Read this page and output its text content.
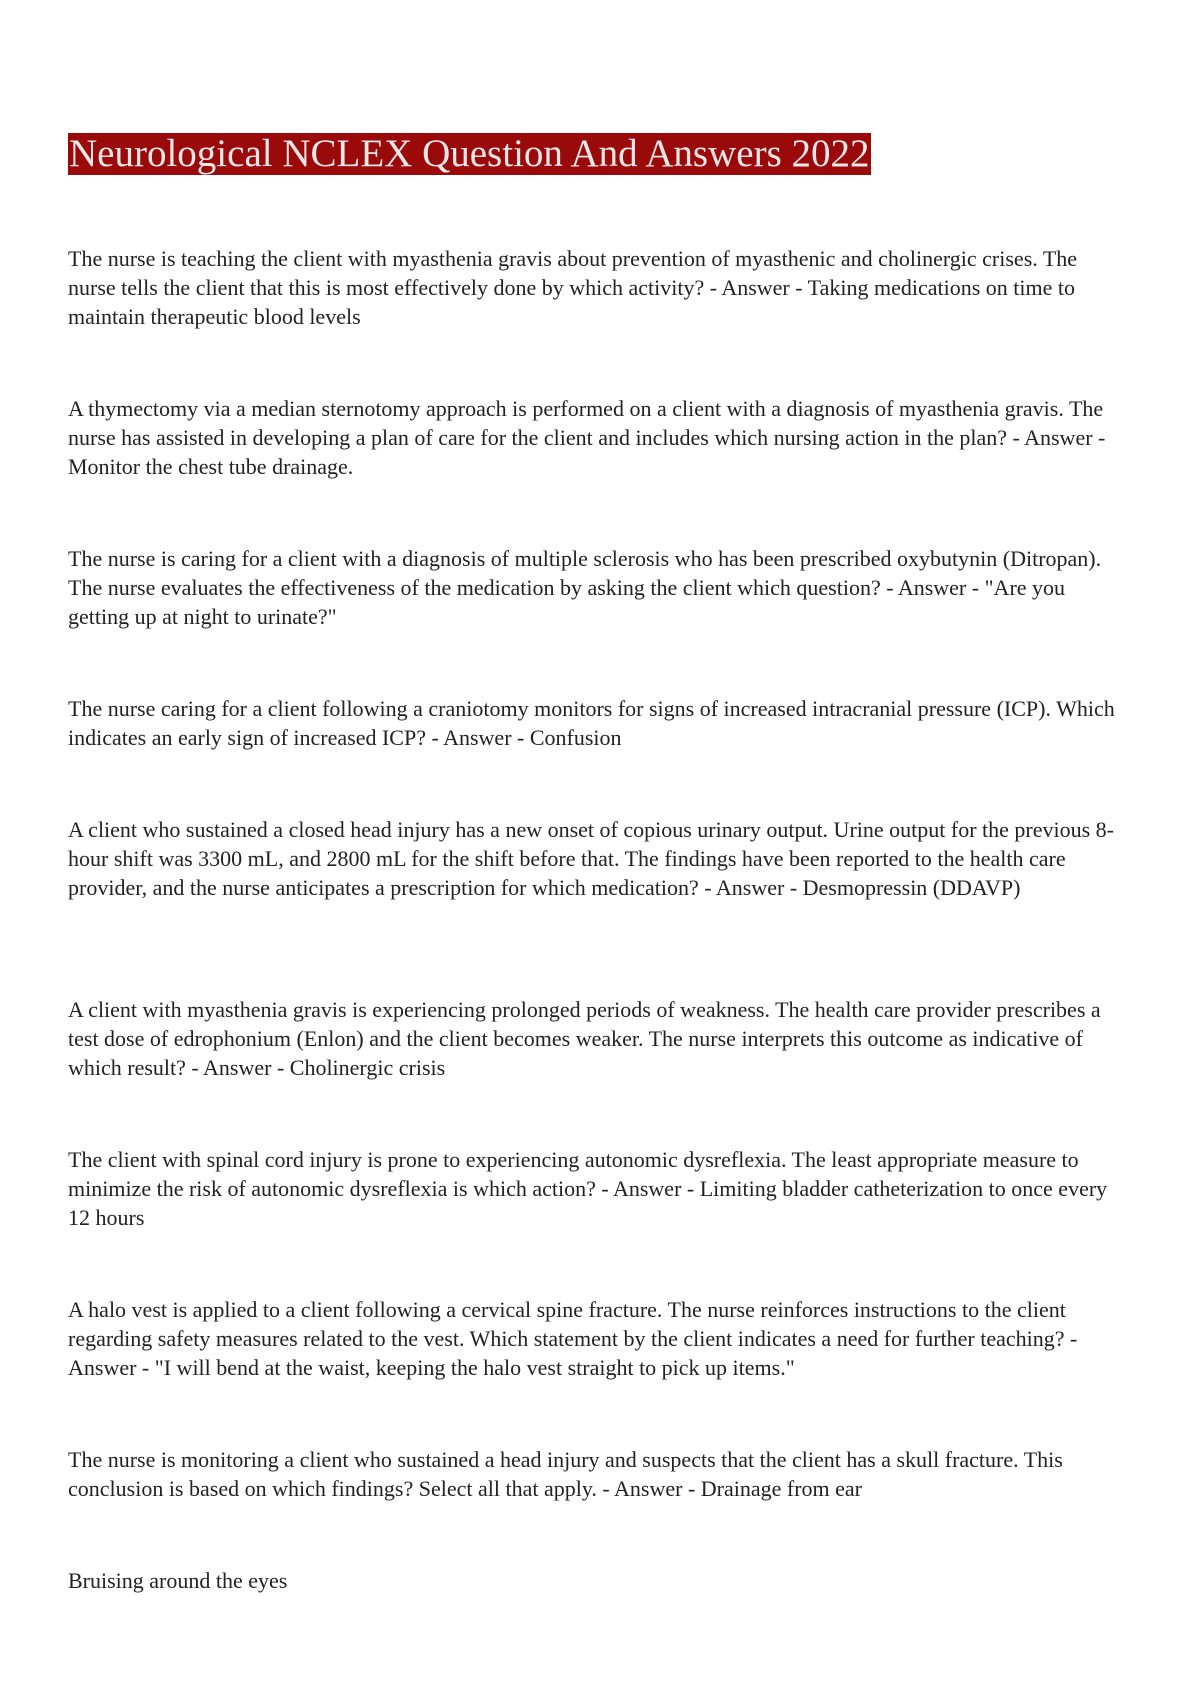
Neurological NCLEX Question And Answers 2022

The nurse is teaching the client with myasthenia gravis about prevention of myasthenic and cholinergic crises. The nurse tells the client that this is most effectively done by which activity? - Answer - Taking medications on time to maintain therapeutic blood levels

A thymectomy via a median sternotomy approach is performed on a client with a diagnosis of myasthenia gravis. The nurse has assisted in developing a plan of care for the client and includes which nursing action in the plan? - Answer - Monitor the chest tube drainage.

The nurse is caring for a client with a diagnosis of multiple sclerosis who has been prescribed oxybutynin (Ditropan). The nurse evaluates the effectiveness of the medication by asking the client which question? - Answer - "Are you getting up at night to urinate?"

The nurse caring for a client following a craniotomy monitors for signs of increased intracranial pressure (ICP). Which indicates an early sign of increased ICP? - Answer - Confusion

A client who sustained a closed head injury has a new onset of copious urinary output. Urine output for the previous 8-hour shift was 3300 mL, and 2800 mL for the shift before that. The findings have been reported to the health care provider, and the nurse anticipates a prescription for which medication? - Answer - Desmopressin (DDAVP)

A client with myasthenia gravis is experiencing prolonged periods of weakness. The health care provider prescribes a test dose of edrophonium (Enlon) and the client becomes weaker. The nurse interprets this outcome as indicative of which result? - Answer - Cholinergic crisis

The client with spinal cord injury is prone to experiencing autonomic dysreflexia. The least appropriate measure to minimize the risk of autonomic dysreflexia is which action? - Answer - Limiting bladder catheterization to once every 12 hours

A halo vest is applied to a client following a cervical spine fracture. The nurse reinforces instructions to the client regarding safety measures related to the vest. Which statement by the client indicates a need for further teaching? - Answer - "I will bend at the waist, keeping the halo vest straight to pick up items."

The nurse is monitoring a client who sustained a head injury and suspects that the client has a skull fracture. This conclusion is based on which findings? Select all that apply. - Answer - Drainage from ear

Bruising around the eyes
